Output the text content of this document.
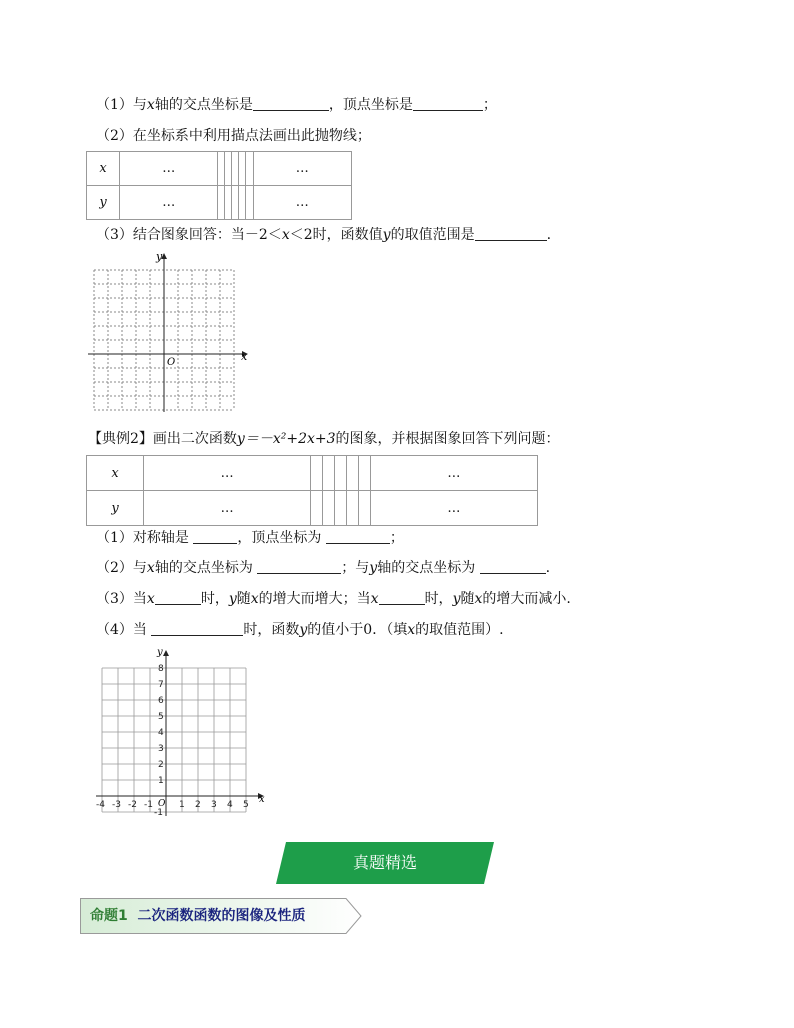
（1）与x轴的交点坐标是	，顶点坐标是	；
（2）在坐标系中利用描点法画出此抛物线；
x	…						…
y	…						…
（3）结合图象回答：当－2＜x＜2时，函数值y的取值范围是	.
x
y
O
【典例2】画出二次函数y＝－x²+2x+3的图象，并根据图象回答下列问题：
x	…						…
y	…						…
（1）对称轴是	，顶点坐标为	；
（2）与x轴的交点坐标为	；与y轴的交点坐标为	.
（3）当x	时，y随x的增大而增大；当x	时，y随x的增大而减小.
（4）当	时，函数y的值小于0．（填x的取值范围）.
-4 -3 -2 -1	1 2 3 4 5
-1
1
2
3
4
5
6
7
8
x
y
O
真题精选
命题1 二次函数函数的图像及性质
